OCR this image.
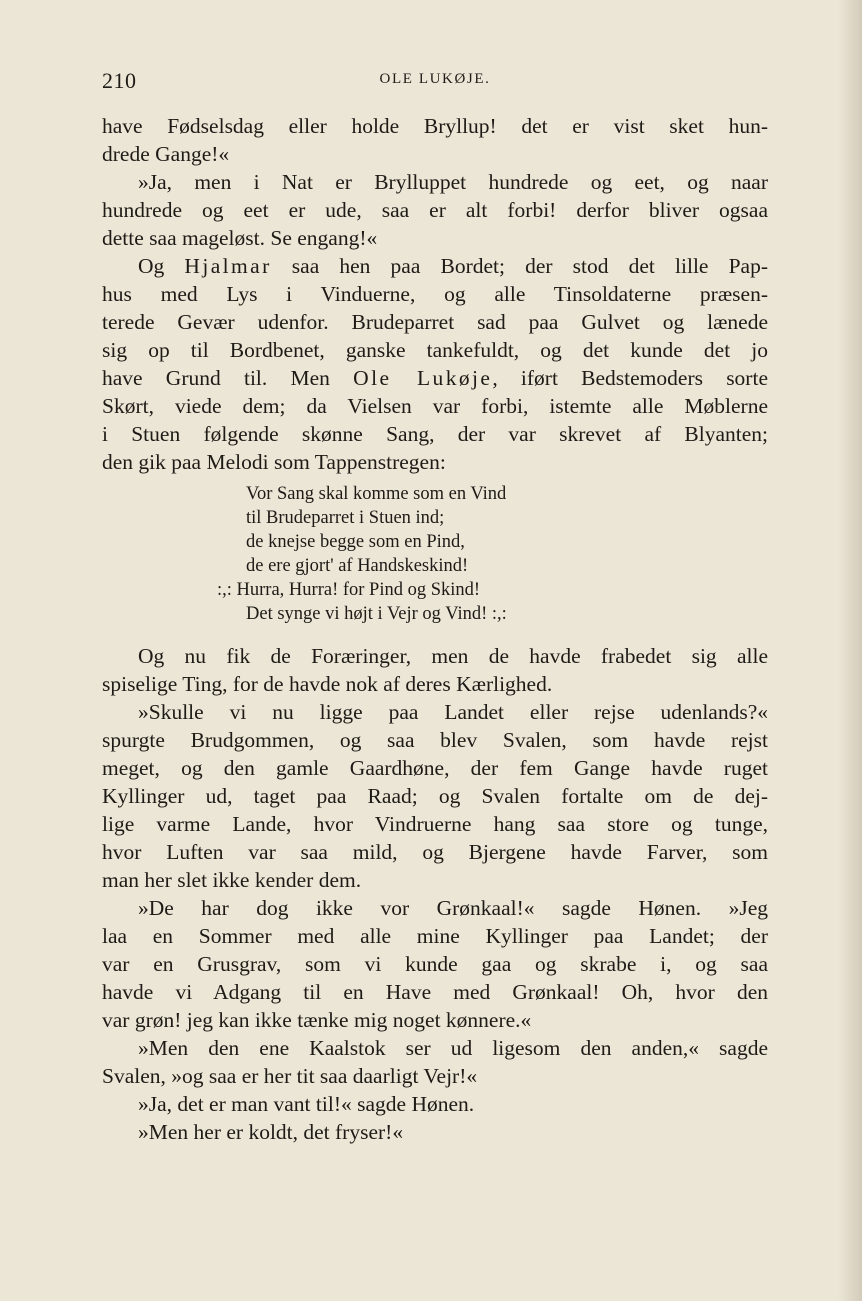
210	OLE LUKØJE.
have Fødselsdag eller holde Bryllup! det er vist sket hun-
drede Gange!«
»Ja, men i Nat er Brylluppet hundrede og eet, og naar
hundrede og eet er ude, saa er alt forbi! derfor bliver ogsaa
dette saa mageløst. Se engang!«
Og Hjalmar saa hen paa Bordet; der stod det lille Pap-
hus med Lys i Vinduerne, og alle Tinsoldaterne præsen-
terede Gevær udenfor. Brudeparret sad paa Gulvet og lænede
sig op til Bordbenet, ganske tankefuldt, og det kunde det jo
have Grund til. Men Ole Lukøje, iført Bedstemoders sorte
Skørt, viede dem; da Vielsen var forbi, istemte alle Møblerne
i Stuen følgende skønne Sang, der var skrevet af Blyanten;
den gik paa Melodi som Tappenstregen:
Vor Sang skal komme som en Vind
til Brudeparret i Stuen ind;
de knejse begge som en Pind,
de ere gjort' af Handskeskind!
:,: Hurra, Hurra! for Pind og Skind!
Det synge vi højt i Vejr og Vind! :,:
Og nu fik de Foræringer, men de havde frabedet sig alle
spiselige Ting, for de havde nok af deres Kærlighed.
»Skulle vi nu ligge paa Landet eller rejse udenlands?«
spurgte Brudgommen, og saa blev Svalen, som havde rejst
meget, og den gamle Gaardhøne, der fem Gange havde ruget
Kyllinger ud, taget paa Raad; og Svalen fortalte om de dej-
lige varme Lande, hvor Vindruerne hang saa store og tunge,
hvor Luften var saa mild, og Bjergene havde Farver, som
man her slet ikke kender dem.
»De har dog ikke vor Grønkaal!« sagde Hønen. »Jeg
laa en Sommer med alle mine Kyllinger paa Landet; der
var en Grusgrav, som vi kunde gaa og skrabe i, og saa
havde vi Adgang til en Have med Grønkaal! Oh, hvor den
var grøn! jeg kan ikke tænke mig noget kønnere.«
»Men den ene Kaalstok ser ud ligesom den anden,« sagde
Svalen, »og saa er her tit saa daarligt Vejr!«
»Ja, det er man vant til!« sagde Hønen.
»Men her er koldt, det fryser!«
